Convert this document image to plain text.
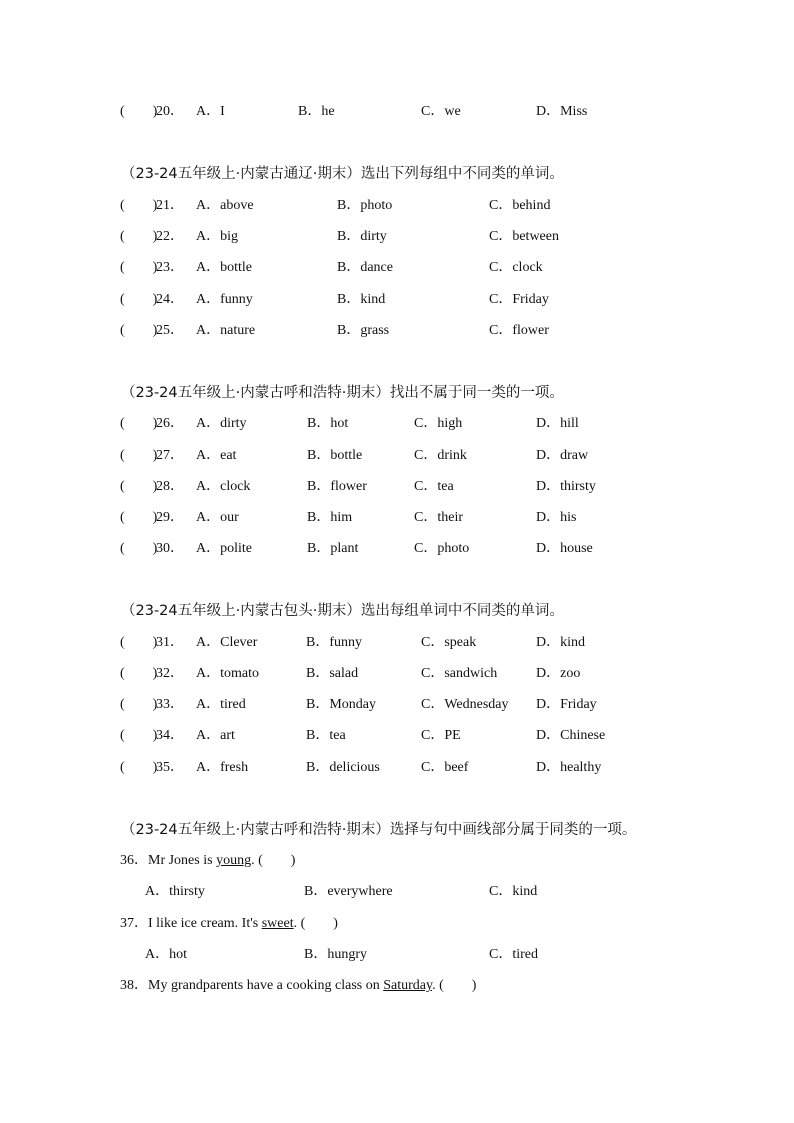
(　　)
20． A．I	B．he	C．we	D．Miss
（23-24五年级上·内蒙古通辽·期末）选出下列每组中不同类的单词。
(　　)
21． A．above	B．photo	C．behind
(　　)
22． A．big	B．dirty	C．between
(　　)
23． A．bottle	B．dance	C．clock
(　　)
24． A．funny	B．kind	C．Friday
(　　)
25． A．nature	B．grass	C．flower
（23-24五年级上·内蒙古呼和浩特·期末）找出不属于同一类的一项。
(　　)
26． A．dirty	B．hot	C．high	D．hill
(　　)
27． A．eat	B．bottle	C．drink	D．draw
(　　)
28． A．clock	B．flower	C．tea	D．thirsty
(　　)
29． A．our	B．him	C．their	D．his
(　　)
30． A．polite	B．plant	C．photo	D．house
（23-24五年级上·内蒙古包头·期末）选出每组单词中不同类的单词。
(　　)
31． A．Clever	B．funny	C．speak	D．kind
(　　)
32． A．tomato	B．salad	C．sandwich	D．zoo
(　　)
33． A．tired	B．Monday	C．Wednesday D．Friday
(　　)
34． A．art	B．tea	C．PE	D．Chinese
(　　)
35． A．fresh	B．delicious	C．beef	D．healthy
（23-24五年级上·内蒙古呼和浩特·期末）选择与句中画线部分属于同类的一项。
36．Mr Jones is young. (　　)
A．thirsty	B．everywhere	C．kind
37．I like ice cream. It's sweet. (　　)
A．hot	B．hungry	C．tired
38．My grandparents have a cooking class on Saturday. (　　)
